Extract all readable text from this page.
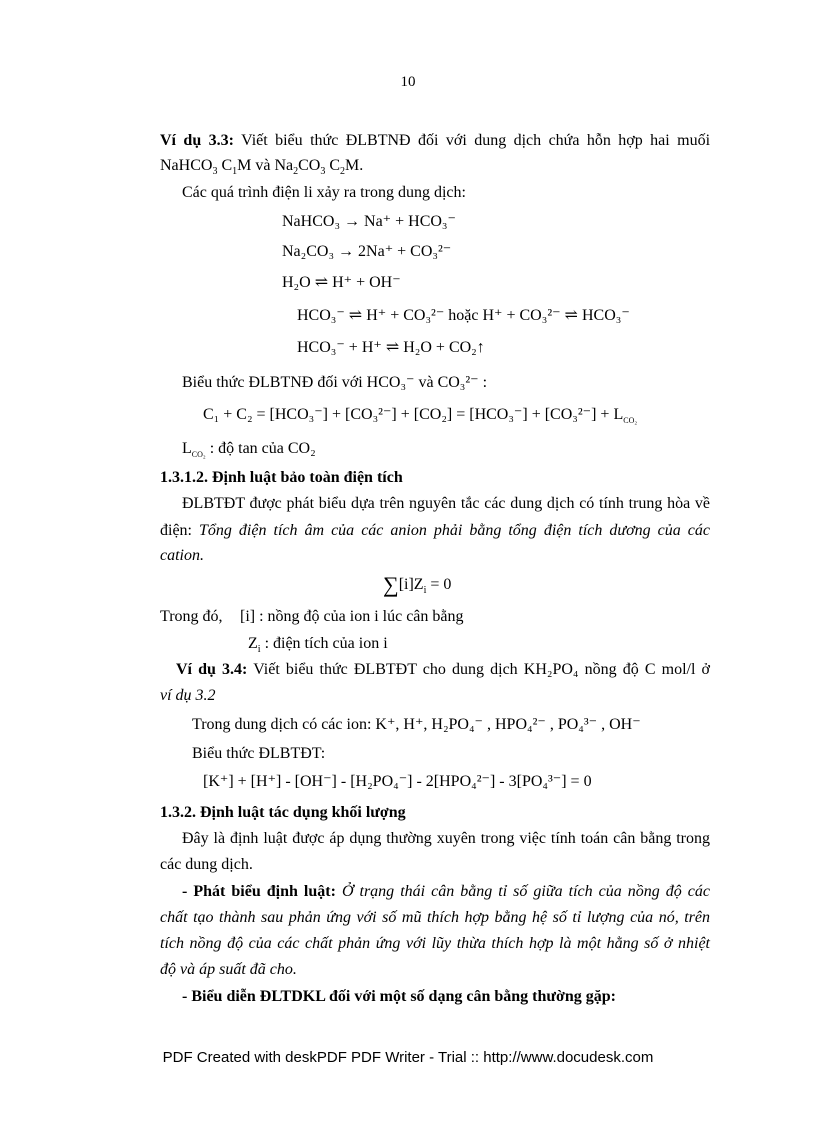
10
Ví dụ 3.3: Viết biểu thức ĐLBTNĐ đối với dung dịch chứa hỗn hợp hai muối
NaHCO$_3$ $C_1M$ và $Na_2CO_3$ $C_2M$.
Các quá trình điện li xảy ra trong dung dịch:
NaHCO₃ → Na⁺ + HCO₃⁻
Na₂CO₃ → 2Na⁺ + CO₃²⁻
H₂O ⇌ H⁺ + OH⁻
HCO₃⁻ ⇌ H⁺ + CO₃²⁻ hoặc H⁺ + CO₃²⁻ ⇌ HCO₃⁻
HCO₃⁻ + H⁺ ⇌ H₂O + CO₂↑
Biểu thức ĐLBTNĐ đối với HCO₃⁻ và CO₃²⁻ :
$C_1 + C_2 = [HCO_3^-] + [CO_3^{2-}] + [CO_2] = [HCO_3^-] + [CO_3^{2-}] + L_{CO_2}$
$L_{CO_2}$ : độ tan của CO₂
1.3.1.2. Định luật bảo toàn điện tích
ĐLBTĐT được phát biểu dựa trên nguyên tắc các dung dịch có tính trung hòa về
điện: Tổng điện tích âm của các anion phải bằng tổng điện tích dương của các
cation.
$\sum[i]Z_i = 0$
Trong đó, [i] : nồng độ của ion i lúc cân bằng
$Z_i$ : điện tích của ion i
Ví dụ 3.4: Viết biểu thức ĐLBTĐT cho dung dịch KH₂PO₄ nồng độ C mol/l ở
ví dụ 3.2
Trong dung dịch có các ion: K⁺, H⁺, H₂PO₄⁻ , HPO₄²⁻ , PO₄³⁻ , OH⁻
Biểu thức ĐLBTĐT:
[K⁺] + [H⁺] - [OH⁻] - [H₂PO₄⁻] - 2[HPO₄²⁻] - 3[PO₄³⁻] = 0
1.3.2. Định luật tác dụng khối lượng
Đây là định luật được áp dụng thường xuyên trong việc tính toán cân bằng trong
các dung dịch.
- Phát biểu định luật: Ở trạng thái cân bằng tỉ số giữa tích của nồng độ các
chất tạo thành sau phản ứng với số mũ thích hợp bằng hệ số tỉ lượng của nó, trên
tích nồng độ của các chất phản ứng với lũy thừa thích hợp là một hằng số ở nhiệt
độ và áp suất đã cho.
- Biểu diễn ĐLTDKL đối với một số dạng cân bằng thường gặp:
PDF Created with deskPDF PDF Writer - Trial :: http://www.docudesk.com
